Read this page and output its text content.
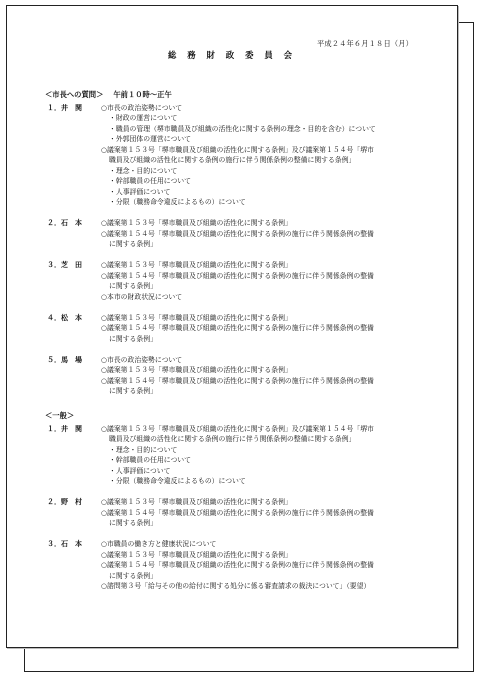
平成２４年６月１８日（月）
総 務 財 政 委 員 会
＜市長への質問＞ 午前１０時～正午
１．井　関	○市長の政治姿勢について
・財政の運営について
・職員の管理（堺市職員及び組織の活性化に関する条例の理念・目的を含む）について
・外郭団体の運営について
○議案第１５３号「堺市職員及び組織の活性化に関する条例」及び議案第１５４号「堺市
職員及び組織の活性化に関する条例の施行に伴う関係条例の整備に関する条例」
・理念・目的について
・幹部職員の任用について
・人事評価について
・分限（職務命令違反によるもの）について
２．石　本	○議案第１５３号「堺市職員及び組織の活性化に関する条例」
○議案第１５４号「堺市職員及び組織の活性化に関する条例の施行に伴う関係条例の整備
に関する条例」
３．芝　田	○議案第１５３号「堺市職員及び組織の活性化に関する条例」
○議案第１５４号「堺市職員及び組織の活性化に関する条例の施行に伴う関係条例の整備
に関する条例」
○本市の財政状況について
４．松　本	○議案第１５３号「堺市職員及び組織の活性化に関する条例」
○議案第１５４号「堺市職員及び組織の活性化に関する条例の施行に伴う関係条例の整備
に関する条例」
５．馬　場	○市長の政治姿勢について
○議案第１５３号「堺市職員及び組織の活性化に関する条例」
○議案第１５４号「堺市職員及び組織の活性化に関する条例の施行に伴う関係条例の整備
に関する条例」
＜一般＞
１．井　関	○議案第１５３号「堺市職員及び組織の活性化に関する条例」及び議案第１５４号「堺市
職員及び組織の活性化に関する条例の施行に伴う関係条例の整備に関する条例」
・理念・目的について
・幹部職員の任用について
・人事評価について
・分限（職務命令違反によるもの）について
２．野　村	○議案第１５３号「堺市職員及び組織の活性化に関する条例」
○議案第１５４号「堺市職員及び組織の活性化に関する条例の施行に伴う関係条例の整備
に関する条例」
３．石　本	○市職員の働き方と健康状況について
○議案第１５３号「堺市職員及び組織の活性化に関する条例」
○議案第１５４号「堺市職員及び組織の活性化に関する条例の施行に伴う関係条例の整備
に関する条例」
○諮問第３号「給与その他の給付に関する処分に係る審査請求の裁決について」（要望）
